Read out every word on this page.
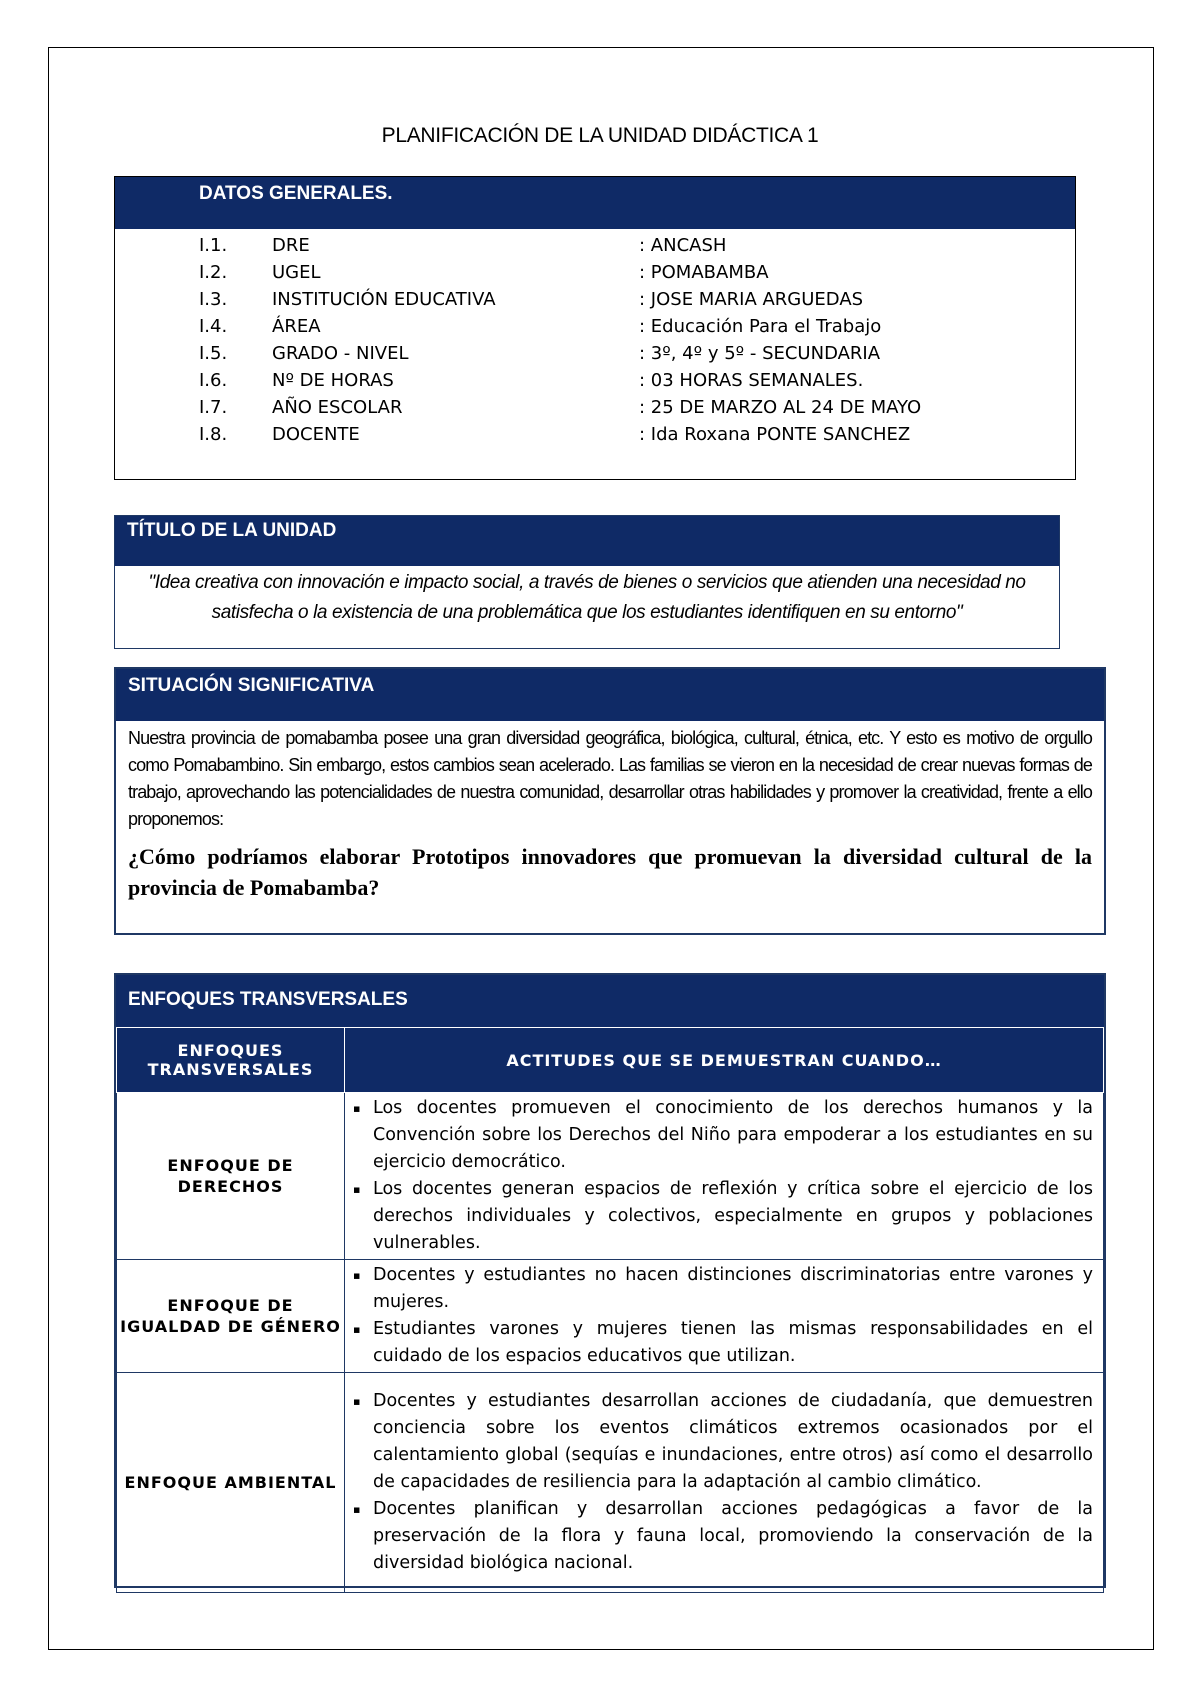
PLANIFICACIÓN DE LA UNIDAD DIDÁCTICA 1
DATOS GENERALES.
I.1. DRE	: ANCASH
I.2. UGEL	: POMABAMBA
I.3. INSTITUCIÓN EDUCATIVA	: JOSE MARIA ARGUEDAS
I.4. ÁREA	: Educación Para el Trabajo
I.5. GRADO - NIVEL	: 3º, 4º y 5º - SECUNDARIA
I.6. Nº DE HORAS	: 03 HORAS SEMANALES.
I.7. AÑO ESCOLAR	: 25 DE MARZO AL 24 DE MAYO
I.8. DOCENTE	: Ida Roxana PONTE SANCHEZ
TÍTULO DE LA UNIDAD
"Idea creativa con innovación e impacto social, a través de bienes o servicios que atienden una necesidad no satisfecha o la existencia de una problemática que los estudiantes identifiquen en su entorno"
SITUACIÓN SIGNIFICATIVA
Nuestra provincia de pomabamba posee una gran diversidad geográfica, biológica, cultural, étnica, etc. Y esto es motivo de orgullo como Pomabambino. Sin embargo, estos cambios sean acelerado. Las familias se vieron en la necesidad de crear nuevas formas de trabajo, aprovechando las potencialidades de nuestra comunidad, desarrollar otras habilidades y promover la creatividad, frente a ello proponemos:
¿Cómo podríamos elaborar Prototipos innovadores que promuevan la diversidad cultural de la provincia de Pomabamba?
ENFOQUES TRANSVERSALES
ENFOQUES TRANSVERSALES	ACTITUDES QUE SE DEMUESTRAN CUANDO…
ENFOQUE DE DERECHOS	▪ Los docentes promueven el conocimiento de los derechos humanos y la Convención sobre los Derechos del Niño para empoderar a los estudiantes en su ejercicio democrático.
▪ Los docentes generan espacios de reflexión y crítica sobre el ejercicio de los derechos individuales y colectivos, especialmente en grupos y poblaciones vulnerables.

ENFOQUE DE IGUALDAD DE GÉNERO	▪ Docentes y estudiantes no hacen distinciones discriminatorias entre varones y mujeres.
▪ Estudiantes varones y mujeres tienen las mismas responsabilidades en el cuidado de los espacios educativos que utilizan.

ENFOQUE AMBIENTAL	▪ Docentes y estudiantes desarrollan acciones de ciudadanía, que demuestren conciencia sobre los eventos climáticos extremos ocasionados por el calentamiento global (sequías e inundaciones, entre otros) así como el desarrollo de capacidades de resiliencia para la adaptación al cambio climático.
▪ Docentes planifican y desarrollan acciones pedagógicas a favor de la preservación de la flora y fauna local, promoviendo la conservación de la diversidad biológica nacional.
